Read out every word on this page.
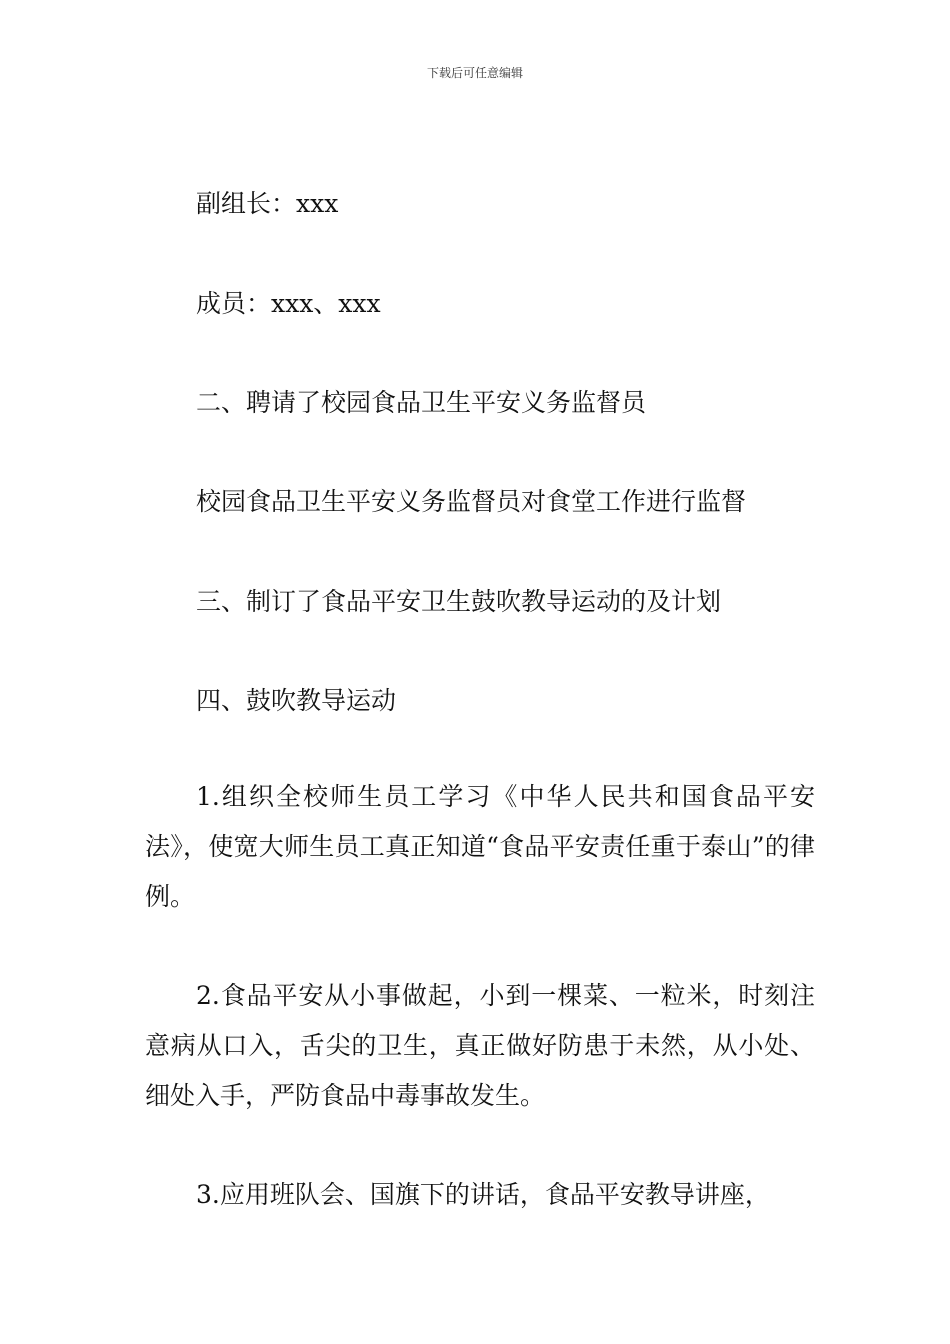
下载后可任意编辑
副组长：xxx
成员：xxx、xxx
二、聘请了校园食品卫生平安义务监督员
校园食品卫生平安义务监督员对食堂工作进行监督
三、制订了食品平安卫生鼓吹教导运动的及计划
四、鼓吹教导运动
1.组织全校师生员工学习《中华人民共和国食品平安法》，使宽大师生员工真正知道“食品平安责任重于泰山”的律例。
2.食品平安从小事做起，小到一棵菜、一粒米，时刻注意病从口入，舌尖的卫生，真正做好防患于未然，从小处、细处入手，严防食品中毒事故发生。
3.应用班队会、国旗下的讲话，食品平安教导讲座，
